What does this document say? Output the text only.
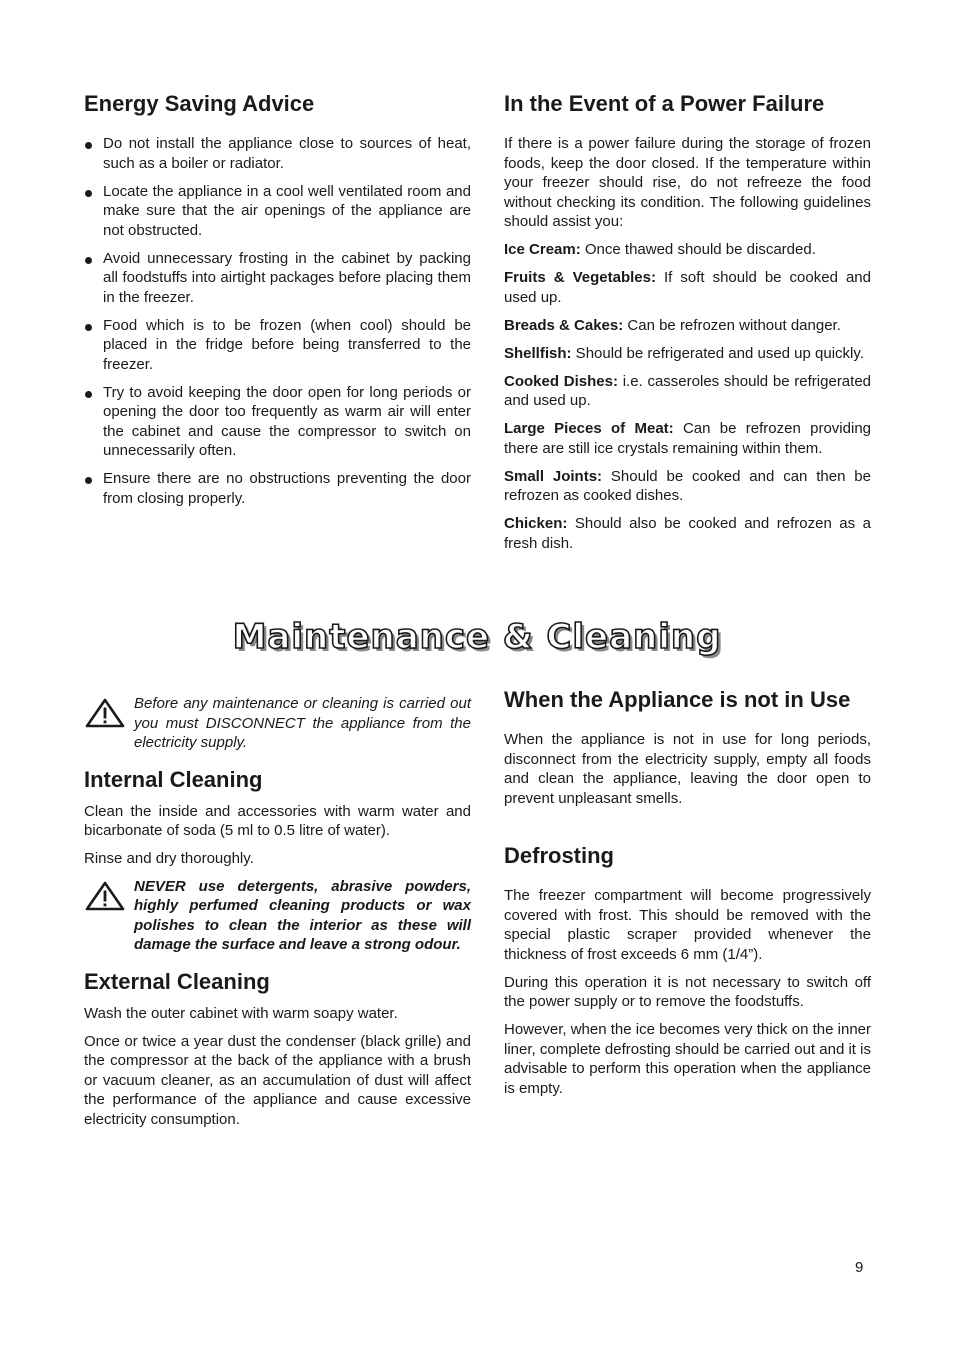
Energy Saving Advice
Do not install the appliance close to sources of heat, such as a boiler or radiator.
Locate the appliance in a cool well ventilated room and make sure that the air openings of the appliance are not obstructed.
Avoid unnecessary frosting in the cabinet by packing all foodstuffs into airtight packages before placing them in the freezer.
Food which is to be frozen (when cool) should be placed in the fridge before being transferred to the freezer.
Try to avoid keeping the door open for long periods or opening the door too frequently as warm air will enter the cabinet and cause the compressor to switch on unnecessarily often.
Ensure there are no obstructions preventing the door from closing properly.
In the Event of a Power Failure

If there is a power failure during the storage of frozen foods, keep the door closed. If the temperature within your freezer should rise, do not refreeze the food without checking its condition. The following guidelines should assist you:

Ice Cream: Once thawed should be discarded.

Fruits & Vegetables: If soft should be cooked and used up.

Breads & Cakes: Can be refrozen without danger.

Shellfish: Should be refrigerated and used up quickly.

Cooked Dishes: i.e. casseroles should be refrigerated and used up.

Large Pieces of Meat: Can be refrozen providing there are still ice crystals remaining within them.

Small Joints: Should be cooked and can then be refrozen as cooked dishes.

Chicken: Should also be cooked and refrozen as a fresh dish.

Maintenance & Cleaning

Before any maintenance or cleaning is carried out you must DISCONNECT the appliance from the electricity supply.

Internal Cleaning

Clean the inside and accessories with warm water and bicarbonate of soda (5 ml to 0.5 litre of water).

Rinse and dry thoroughly.

NEVER use detergents, abrasive powders, highly perfumed cleaning products or wax polishes to clean the interior as these will damage the surface and leave a strong odour.

External Cleaning

Wash the outer cabinet with warm soapy water.

Once or twice a year dust the condenser (black grille) and the compressor at the back of the appliance with a brush or vacuum cleaner, as an accumulation of dust will affect the performance of the appliance and cause excessive electricity consumption.

When the Appliance is not in Use

When the appliance is not in use for long periods, disconnect from the electricity supply, empty all foods and clean the appliance, leaving the door open to prevent unpleasant smells.

Defrosting

The freezer compartment will become progressively covered with frost. This should be removed with the special plastic scraper provided whenever the thickness of frost exceeds 6 mm (1/4”).

During this operation it is not necessary to switch off the power supply or to remove the foodstuffs.

However, when the ice becomes very thick on the inner liner, complete defrosting should be carried out and it is advisable to perform this operation when the appliance is empty.

9
